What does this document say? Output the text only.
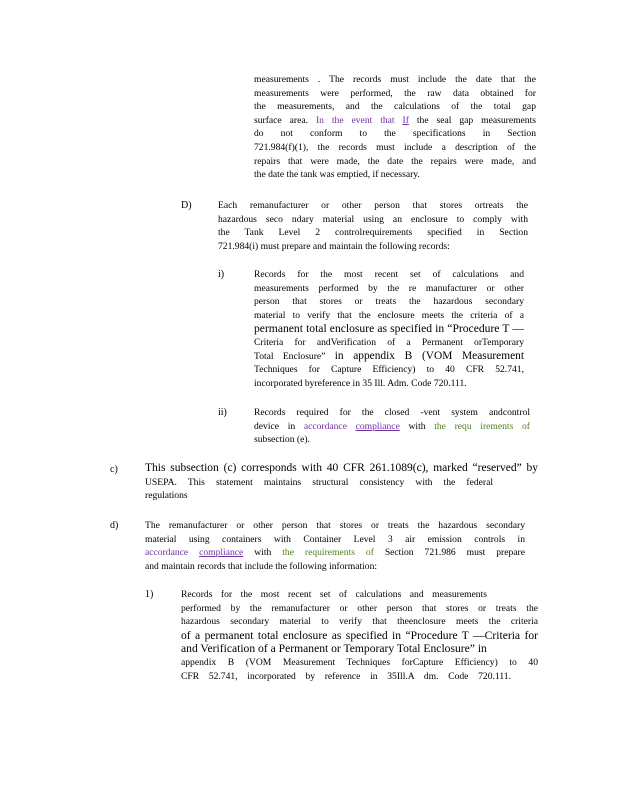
measurements . The records must include the date that the
measurements were performed, the raw data obtained for
the measurements, and the calculations of the total gap
surface area. In the event that If the seal gap measurements
do not conform to the specifications in Section
721.984(f)(1), the records must include a description of the
repairs that were made, the date the repairs were made, and
the date the tank was emptied, if necessary.
D)	Each remanufacturer or other person that stores ortreats the
hazardous seco ndary material using an enclosure to comply with
the Tank Level 2 controlrequirements specified in Section
721.984(i) must prepare and maintain the following records:
i)	Records for the most recent set of calculations and
measurements performed by the re manufacturer or other
person that stores or treats the hazardous secondary
material to verify that the enclosure meets the criteria of a
permanent total enclosure as specified in “Procedure T —
Criteria for andVerification of a Permanent orTemporary
Total Enclosure” in appendix B (VOM Measurement
Techniques for Capture Efficiency) to 40 CFR 52.741,
incorporated byreference in 35 Ill. Adm. Code 720.111.
ii)	Records required for the closed -vent system andcontrol
device in accordance compliance with the requ irements of
subsection (e).
c) This subsection (c) corresponds with 40 CFR 261.1089(c), marked “reserved” by
USEPA. This statement maintains structural consistency with the federal
regulations
d)	The remanufacturer or other person that stores or treats the hazardous secondary
material using containers with Container Level 3 air emission controls in
accordance compliance with the requirements of Section 721.986 must prepare
and maintain records that include the following information:
1)	Records for the most recent set of calculations and measurements
performed by the remanufacturer or other person that stores or treats the
hazardous secondary material to verify that theenclosure meets the criteria
of a permanent total enclosure as specified in “Procedure T —Criteria for
and Verification of a Permanent or Temporary Total Enclosure” in
appendix B (VOM Measurement Techniques forCapture Efficiency) to 40
CFR 52.741, incorporated by reference in 35Ill.A dm. Code 720.111.
